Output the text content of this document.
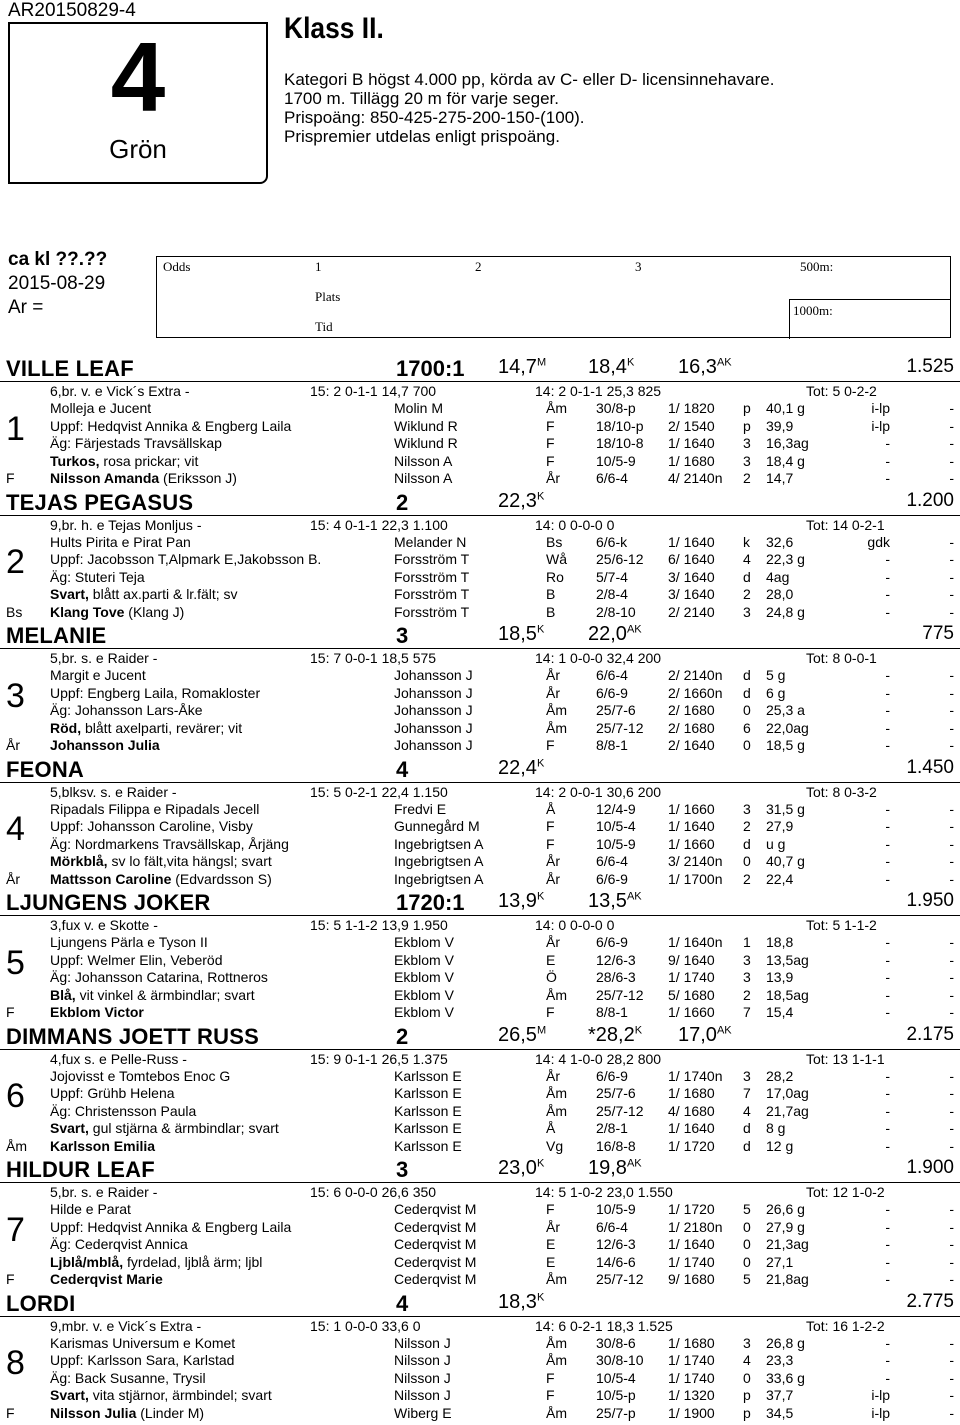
AR20150829-4
4
Grön
Klass II.
Kategori B högst 4.000 pp, körda av C- eller D- licensinnehavare.
1700 m. Tillägg 20 m för varje seger.
Prispoäng: 850-425-275-200-150-(100).
Prispremier utdelas enligt prispoäng.
ca kl ??.??
2015-08-29
Ar =
Odds	1	2	3	500m:
Plats
Tid
1000m:
VILLE LEAF	1700:1 $14,7^M$ $18,4^K$ $16,3^{AK}$	1.525
6,br. v. e Vick´s Extra -	15: 2 0-1-1 14,7 700	14: 2 0-1-1 25,3 825	Tot: 5 0-2-2
Molleja e Jucent	Molin M	Åm 30/8-p 1/ 1820 p 40,1 g	i-lp	-
Uppf: Hedqvist Annika & Engberg Laila	Wiklund R	F	18/10-p 2/ 1540 p 39,9	i-lp	-
Äg: Färjestads Travsällskap	Wiklund R	F	18/10-8 1/ 1640 3 16,3ag	-	-
Turkos, rosa prickar; vit	Nilsson A	F	10/5-9 1/ 1680 3 18,4 g	-	-
Nilsson Amanda (Eriksson J)	Nilsson A	År	6/6-4	4/ 2140n 2 14,7	-	-
1
F
TEJAS PEGASUS	2	$22,3^K$	1.200
9,br. h. e Tejas Monljus -	15: 4 0-1-1 22,3 1.100	14: 0 0-0-0 0	Tot: 14 0-2-1
Hults Pirita e Pirat Pan	Melander N	Bs 6/6-k	1/ 1640 k 32,6	gdk	-
Uppf: Jacobsson T,Alpmark E,Jakobsson B.	Forsström T	Wå 25/6-12 6/ 1640 4 22,3 g	-	-
Äg: Stuteri Teja	Forsström T	Ro 5/7-4	3/ 1640 d 4ag	-	-
Svart, blått ax.parti & lr.fält; sv	Forsström T	B	2/8-4	3/ 1640 2 28,0	-	-
Klang Tove (Klang J)	Forsström T	B	2/8-10 2/ 2140 3 24,8 g	-	-
2
Bs
MELANIE	3	$18,5^K$ $22,0^{AK}$	775
5,br. s. e Raider -	15: 7 0-0-1 18,5 575	14: 1 0-0-0 32,4 200	Tot: 8 0-0-1
Margit e Jucent	Johansson J	År	6/6-4	2/ 2140n d 5 g	-	-
Uppf: Engberg Laila, Romakloster	Johansson J	År	6/6-9	2/ 1660n d 6 g	-	-
Äg: Johansson Lars-Åke	Johansson J	Åm 25/7-6 2/ 1680 0 25,3 a	-	-
Röd, blått axelparti, revärer; vit	Johansson J	Åm 25/7-12 2/ 1680 6 22,0ag	-	-
Johansson Julia	Johansson J	F	8/8-1	2/ 1640 0 18,5 g	-	-
3
År
FEONA	4	$22,4^K$	1.450
5,blksv. s. e Raider -	15: 5 0-2-1 22,4 1.150	14: 2 0-0-1 30,6 200	Tot: 8 0-3-2
Ripadals Filippa e Ripadals Jecell	Fredvi E	Å	12/4-9 1/ 1660 3 31,5 g	-	-
Uppf: Johansson Caroline, Visby	Gunnegård M	F	10/5-4 1/ 1640 2 27,9	-	-
Äg: Nordmarkens Travsällskap, Årjäng	Ingebrigtsen A	F	10/5-9 1/ 1660 d u g	-	-
Mörkblå, sv lo fält,vita hängsl; svart	Ingebrigtsen A	År	6/6-4	3/ 2140n 0 40,7 g	-	-
Mattsson Caroline (Edvardsson S)	Ingebrigtsen A	År	6/6-9	1/ 1700n 2 22,4	-	-
4
År
LJUNGENS JOKER	1720:1 $13,9^K$ $13,5^{AK}$	1.950
3,fux v. e Skotte -	15: 5 1-1-2 13,9 1.950	14: 0 0-0-0 0	Tot: 5 1-1-2
Ljungens Pärla e Tyson II	Ekblom V	År	6/6-9	1/ 1640n 1 18,8	-	-
Uppf: Welmer Elin, Veberöd	Ekblom V	E	12/6-3 9/ 1640 3 13,5ag	-	-
Äg: Johansson Catarina, Rottneros	Ekblom V	Ö	28/6-3 1/ 1740 3 13,9	-	-
Blå, vit vinkel & ärmbindlar; svart	Ekblom V	Åm 25/7-12 5/ 1680 2 18,5ag	-	-
Ekblom Victor	Ekblom V	F	8/8-1	1/ 1660 7 15,4	-	-
5
F
DIMMANS JOETT RUSS	2	$26,5^M$ $*28,2^K$ $17,0^{AK}$	2.175
4,fux s. e Pelle-Russ -	15: 9 0-1-1 26,5 1.375	14: 4 1-0-0 28,2 800	Tot: 13 1-1-1
Jojovisst e Tomtebos Enoc G	Karlsson E	År	6/6-9	1/ 1740n 3 28,2	-	-
Uppf: Grühb Helena	Karlsson E	Åm 25/7-6 1/ 1680 7 17,0ag	-	-
Äg: Christensson Paula	Karlsson E	Åm 25/7-12 4/ 1680 4 21,7ag	-	-
Svart, gul stjärna & ärmbindlar; svart	Karlsson E	Å	2/8-1	1/ 1640 d 8 g	-	-
Karlsson Emilia	Karlsson E	Vg 16/8-8 1/ 1720 d 12 g	-	-
6
Åm
HILDUR LEAF	3	$23,0^K$ $19,8^{AK}$	1.900
5,br. s. e Raider -	15: 6 0-0-0 26,6 350	14: 5 1-0-2 23,0 1.550	Tot: 12 1-0-2
Hilde e Parat	Cederqvist M	F	10/5-9 1/ 1720 5 26,6 g	-	-
Uppf: Hedqvist Annika & Engberg Laila	Cederqvist M	År	6/6-4	1/ 2180n 0 27,9 g	-	-
Äg: Cederqvist Annica	Cederqvist M	E	12/6-3 1/ 1640 0 21,3ag	-	-
Ljblå/mblå, fyrdelad, ljblå ärm; ljbl	Cederqvist M	E	14/6-6 1/ 1740 0 27,1	-	-
Cederqvist Marie	Cederqvist M	Åm 25/7-12 9/ 1680 5 21,8ag	-	-
7
F
LORDI	4	$18,3^K$	2.775
9,mbr. v. e Vick´s Extra -	15: 1 0-0-0 33,6 0	14: 6 0-2-1 18,3 1.525	Tot: 16 1-2-2
Karismas Universum e Komet	Nilsson J	Åm 30/8-6 1/ 1680 3 26,8 g	-	-
Uppf: Karlsson Sara, Karlstad	Nilsson J	Åm 30/8-10 1/ 1740 4 23,3	-	-
Äg: Back Susanne, Trysil	Nilsson J	F	10/5-4 1/ 1740 0 33,6 g	-	-
Svart, vita stjärnor, ärmbindel; svart	Nilsson J	F	10/5-p 1/ 1320 p 37,7	i-lp	-
Nilsson Julia (Linder M)	Wiberg E	Åm 25/7-p 1/ 1900 p 34,5	i-lp	-
8
F
